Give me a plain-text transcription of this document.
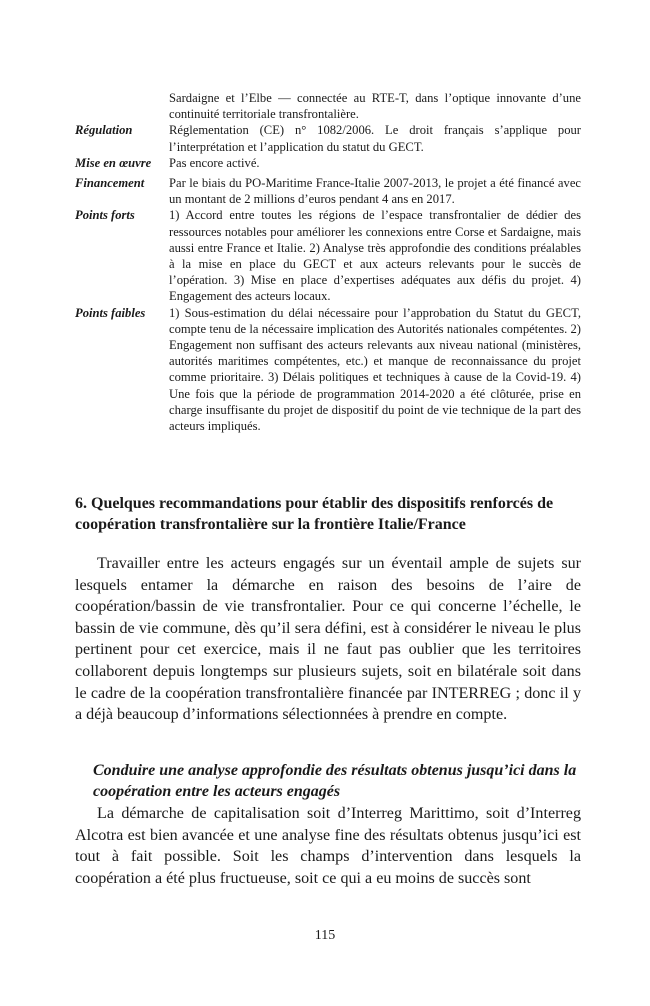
Sardaigne et l’Elbe — connectée au RTE-T, dans l’optique innovante d’une continuité territoriale transfrontalière.
Régulation	Réglementation (CE) n° 1082/2006. Le droit français s’applique pour l’interprétation et l’application du statut du GECT.
Mise en œuvre	Pas encore activé.
Financement	Par le biais du PO-Maritime France-Italie 2007-2013, le projet a été financé avec un montant de 2 millions d’euros pendant 4 ans en 2017.
Points forts	1) Accord entre toutes les régions de l’espace transfrontalier de dédier des ressources notables pour améliorer les connexions entre Corse et Sardaigne, mais aussi entre France et Italie. 2) Analyse très approfondie des conditions préalables à la mise en place du GECT et aux acteurs relevants pour le succès de l’opération. 3) Mise en place d’expertises adéquates aux défis du projet. 4) Engagement des acteurs locaux.
Points faibles	1) Sous-estimation du délai nécessaire pour l’approbation du Statut du GECT, compte tenu de la nécessaire implication des Autorités nationales compétentes. 2) Engagement non suffisant des acteurs relevants aux niveau national (ministères, autorités maritimes compétentes, etc.) et manque de reconnaissance du projet comme prioritaire. 3) Délais politiques et techniques à cause de la Covid-19. 4) Une fois que la période de programmation 2014-2020 a été clôturée, prise en charge insuffisante du projet de dispositif du point de vie technique de la part des acteurs impliqués.
6. Quelques recommandations pour établir des dispositifs renforcés de coopération transfrontalière sur la frontière Italie/France

Travailler entre les acteurs engagés sur un éventail ample de sujets sur lesquels entamer la démarche en raison des besoins de l’aire de coopération/bassin de vie transfrontalier. Pour ce qui concerne l’échelle, le bassin de vie commune, dès qu’il sera défini, est à considérer le niveau le plus pertinent pour cet exercice, mais il ne faut pas oublier que les territoires collaborent depuis longtemps sur plusieurs sujets, soit en bilatérale soit dans le cadre de la coopération transfrontalière financée par INTERREG ; donc il y a déjà beaucoup d’informations sélectionnées à prendre en compte.

Conduire une analyse approfondie des résultats obtenus jusqu’ici dans la coopération entre les acteurs engagés

La démarche de capitalisation soit d’Interreg Marittimo, soit d’Interreg Alcotra est bien avancée et une analyse fine des résultats obtenus jusqu’ici est tout à fait possible. Soit les champs d’intervention dans lesquels la coopération a été plus fructueuse, soit ce qui a eu moins de succès sont

115
